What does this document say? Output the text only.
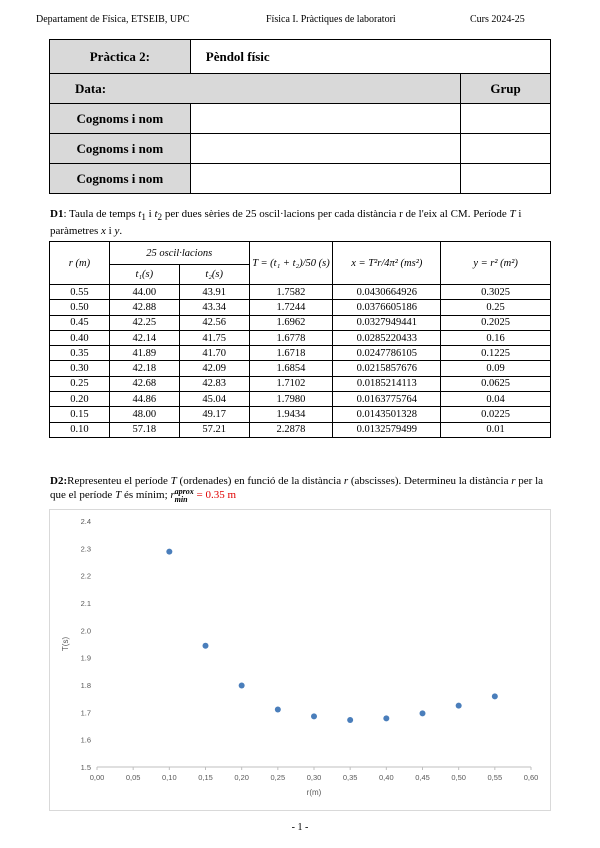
Departament de Física, ETSEIB, UPC	Física I. Pràctiques de laboratori	Curs 2024-25
Pràctica 2:	Pèndol físic	
Data:		Grup
Cognoms i nom		
Cognoms i nom		
Cognoms i nom		
D1: Taula de temps $t_1$ i $t_2$ per dues sèries de 25 oscil·lacions per cada distància r de l'eix al CM. Període T i paràmetres x i y.
r (m)	25 oscil·lacions		T = (t₁ + t₂)/50 (s)	x = T²r/4π² (ms²)	y = r² (m²)
	t₁(s)	t₂(s)			
0.55	44.00	43.91	1.7582	0.0430664926	0.3025
0.50	42.88	43.34	1.7244	0.0376605186	0.25
0.45	42.25	42.56	1.6962	0.0327949441	0.2025
0.40	42.14	41.75	1.6778	0.0285220433	0.16
0.35	41.89	41.70	1.6718	0.0247786105	0.1225
0.30	42.18	42.09	1.6854	0.0215857676	0.09
0.25	42.68	42.83	1.7102	0.0185214113	0.0625
0.20	44.86	45.04	1.7980	0.0163775764	0.04
0.15	48.00	49.17	1.9434	0.0143501328	0.0225
0.10	57.18	57.21	2.2878	0.0132579499	0.01
D2:Representeu el període T (ordenades) en funció de la distància r (abscisses). Determineu la distància r per la que el període T és mínim; raprox
min = 0.35 m
1.5
1.6
1.7
1.8
1.9
2.0
2.1
2.2
2.3
2.4
0,00	0,05	0,10	0,15	0,20	0,25	0,30	0,35	0,40	0,45	0,50	0,55	0,60
r(m)
T(s)
- 1 -
